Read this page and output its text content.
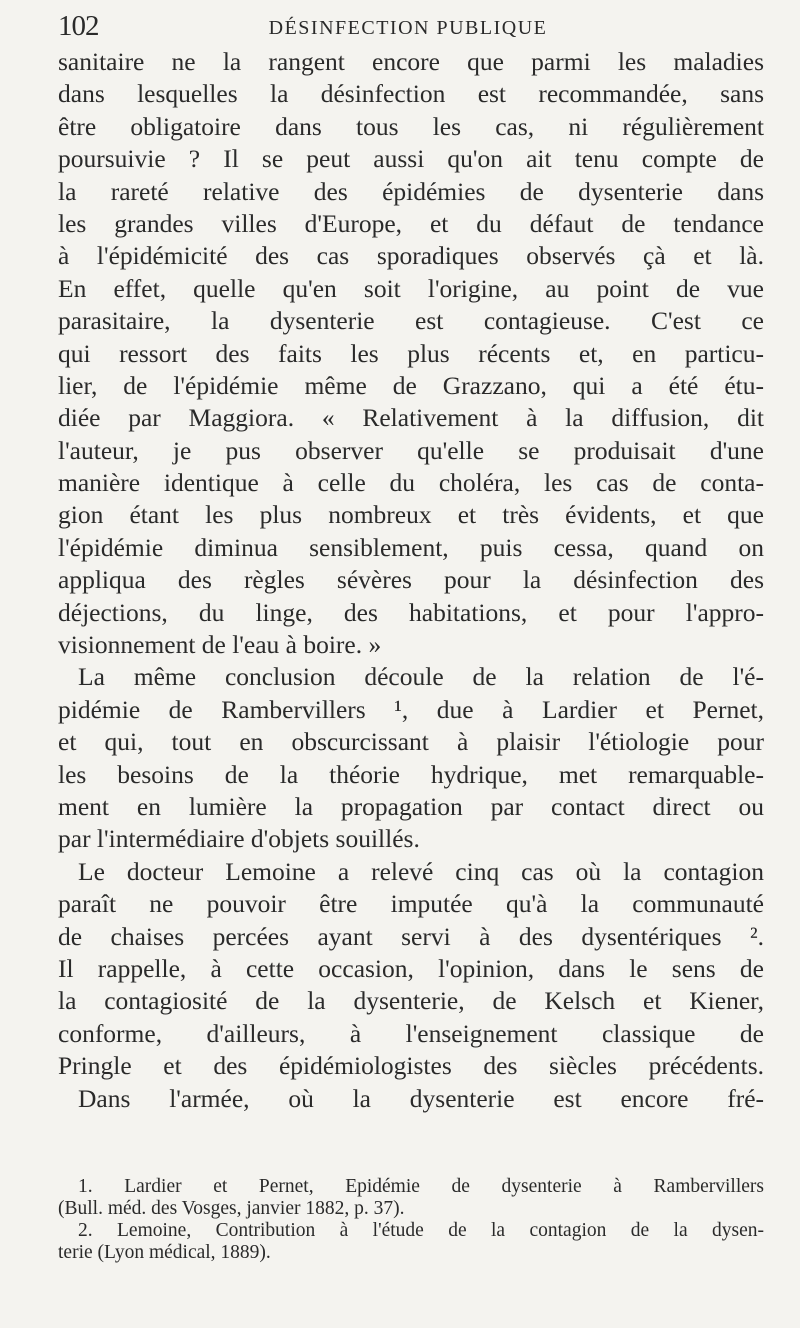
102	DÉSINFECTION PUBLIQUE
sanitaire ne la rangent encore que parmi les maladies
dans lesquelles la désinfection est recommandée, sans
être obligatoire dans tous les cas, ni régulièrement
poursuivie ? Il se peut aussi qu'on ait tenu compte de
la rareté relative des épidémies de dysenterie dans
les grandes villes d'Europe, et du défaut de tendance
à l'épidémicité des cas sporadiques observés çà et là.
En effet, quelle qu'en soit l'origine, au point de vue
parasitaire, la dysenterie est contagieuse. C'est ce
qui ressort des faits les plus récents et, en particu-
lier, de l'épidémie même de Grazzano, qui a été étu-
diée par Maggiora. « Relativement à la diffusion, dit
l'auteur, je pus observer qu'elle se produisait d'une
manière identique à celle du choléra, les cas de conta-
gion étant les plus nombreux et très évidents, et que
l'épidémie diminua sensiblement, puis cessa, quand on
appliqua des règles sévères pour la désinfection des
déjections, du linge, des habitations, et pour l'appro-
visionnement de l'eau à boire. »
La même conclusion découle de la relation de l'é-
pidémie de Rambervillers ¹, due à Lardier et Pernet,
et qui, tout en obscurcissant à plaisir l'étiologie pour
les besoins de la théorie hydrique, met remarquable-
ment en lumière la propagation par contact direct ou
par l'intermédiaire d'objets souillés.
Le docteur Lemoine a relevé cinq cas où la contagion
paraît ne pouvoir être imputée qu'à la communauté
de chaises percées ayant servi à des dysentériques ².
Il rappelle, à cette occasion, l'opinion, dans le sens de
la contagiosité de la dysenterie, de Kelsch et Kiener,
conforme, d'ailleurs, à l'enseignement classique de
Pringle et des épidémiologistes des siècles précédents.
Dans l'armée, où la dysenterie est encore fré-
1. Lardier et Pernet, Epidémie de dysenterie à Rambervillers
(Bull. méd. des Vosges, janvier 1882, p. 37).
2. Lemoine, Contribution à l'étude de la contagion de la dysen-
terie (Lyon médical, 1889).
